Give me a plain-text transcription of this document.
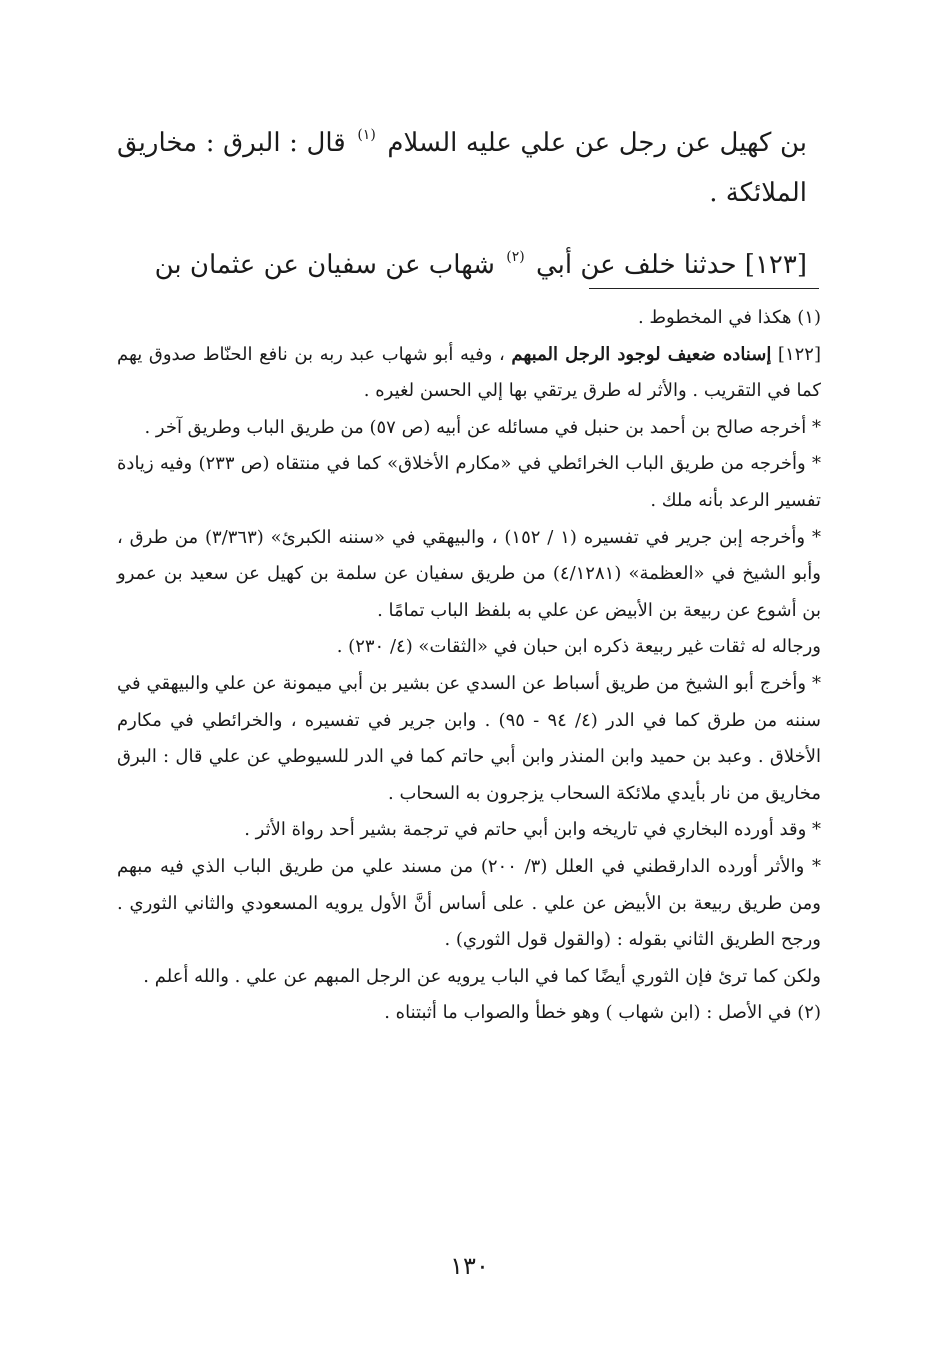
بن كهيل عن رجل عن علي عليه السلام $^{(١)}$ قال : البرق : مخاريق الملائكة .

[١٢٣] حدثنا خلف عن أبي $^{(٢)}$ شهاب عن سفيان عن عثمان بن

(١) هكذا في المخطوط .

[١٢٢] إسناده ضعيف لوجود الرجل المبهم ، وفيه أبو شهاب عبد ربه بن نافع الحنّاط صدوق يهم كما في التقريب . والأثر له طرق يرتقي بها إلي الحسن لغيره .

* أخرجه صالح بن أحمد بن حنبل في مسائله عن أبيه (ص ٥٧) من طريق الباب وطريق آخر .

* وأخرجه من طريق الباب الخرائطي في «مكارم الأخلاق» كما في منتقاه (ص ٢٣٣) وفيه زيادة تفسير الرعد بأنه ملك .

* وأخرجه إبن جرير في تفسيره (١ / ١٥٢) ، والبيهقي في «سننه الكبرئ» (٣/٣٦٣) من طرق ، وأبو الشيخ في «العظمة» (٤/١٢٨١) من طريق سفيان عن سلمة بن كهيل عن سعيد بن عمرو بن أشوع عن ربيعة بن الأبيض عن علي به بلفظ الباب تمامًا .

ورجاله له ثقات غير ربيعة ذكره ابن حبان في «الثقات» (٤/ ٢٣٠) .

* وأخرج أبو الشيخ من طريق أسباط عن السدي عن بشير بن أبي ميمونة عن علي والبيهقي في سننه من طرق كما في الدر (٤/ ٩٤ - ٩٥) . وابن جرير في تفسيره ، والخرائطي في مكارم الأخلاق . وعبد بن حميد وابن المنذر وابن أبي حاتم كما في الدر للسيوطي عن علي قال : البرق مخاريق من نار بأيدي ملائكة السحاب يزجرون به السحاب .

* وقد أورده البخاري في تاريخه وابن أبي حاتم في ترجمة بشير أحد رواة الأثر .

* والأثر أورده الدارقطني في العلل (٣/ ٢٠٠) من مسند علي من طريق الباب الذي فيه مبهم ومن طريق ربيعة بن الأبيض عن علي . على أساس أنَّ الأول يرويه المسعودي والثاني الثوري . ورجح الطريق الثاني بقوله : (والقول قول الثوري) .

ولكن كما ترئ فإن الثوري أيضًا كما في الباب يرويه عن الرجل المبهم عن علي . والله أعلم .

(٢) في الأصل : (ابن شهاب ) وهو خطأ والصواب ما أثبتناه .

١٣٠
